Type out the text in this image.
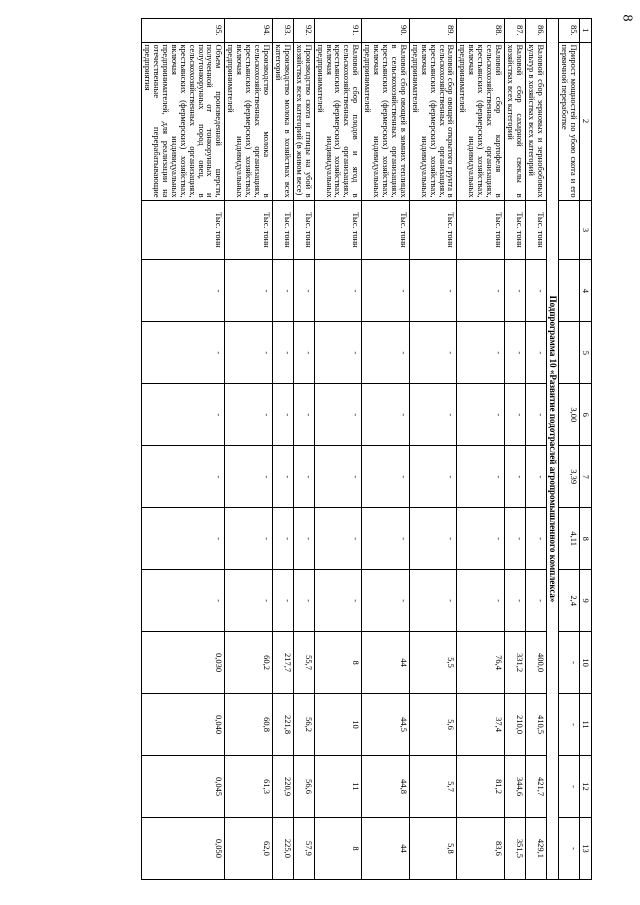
8
1	2	3	4	5	6	7	8	9	10	11	12	13
85.	Прирост мощностей по убою скота и его первичной переработке				3,00	3,39	4,11	2,4	-	-	-	-
Подпрограмма 10 «Развитие подотраслей агропромышленного комплекса»												
86.	Валовой сбор зерновых и зернобобовых культур в хозяйствах всех категорий	Тыс. тонн	-	-	-	-	-	-	400,0	410,5	421,7	429,1
87.	Валовой сбор сахарной свеклы в хозяйствах всех категорий	Тыс. тонн	-	-	-	-	-	-	331,2	210,0	344,6	351,5
88.	Валовой сбор картофеля в сельскохозяйственных организациях, крестьянских (фермерских) хозяйствах, включая индивидуальных предпринимателей	Тыс. тонн	-	-	-	-	-	-	76,4	37,4	81,2	83,6
89.	Валовой сбор овощей открытого грунта в сельскохозяйственных организациях, крестьянских (фермерских) хозяйствах, включая индивидуальных предпринимателей	Тыс. тонн	-	-	-	-	-	-	5,5	5,6	5,7	5,8
90.	Валовой сбор овощей в зимних теплицах в сельскохозяйственных организациях, крестьянских (фермерских) хозяйствах, включая индивидуальных предпринимателей	Тыс. тонн	-	-	-	-	-	-	44	44,5	44,8	44
91.	Валовой сбор плодов и ягод в сельскохозяйственных организациях, крестьянских (фермерских) хозяйствах, включая индивидуальных предпринимателей	Тыс. тонн	-	-	-	-	-	-	8	10	11	8
92.	Производство скота и птицы на убой в хозяйствах всех категорий (в живом весе)	Тыс. тонн	-	-	-	-	-	-	55,7	56,2	56,6	57,9
93.	Производство молока в хозяйствах всех категорий	Тыс. тонн	-	-	-	-	-	-	217,7	221,8	220,9	225,0
94.	Производство молока в сельскохозяйственных организациях, крестьянских (фермерских) хозяйствах, включая индивидуальных предпринимателей	Тыс. тонн	-	-	-	-	-	-	60,2	60,8	61,3	62,0
95.	Объем произведенной шерсти, полученной от тонкорунных и полутонкорунных пород овец, в сельскохозяйственных организациях, крестьянских (фермерских) хозяйствах, включая индивидуальных предпринимателей, для реализации на отечественные перерабатывающие предприятия	Тыс. тонн	-	-	-	-	-	-	0,030	0,040	0,045	0,050
